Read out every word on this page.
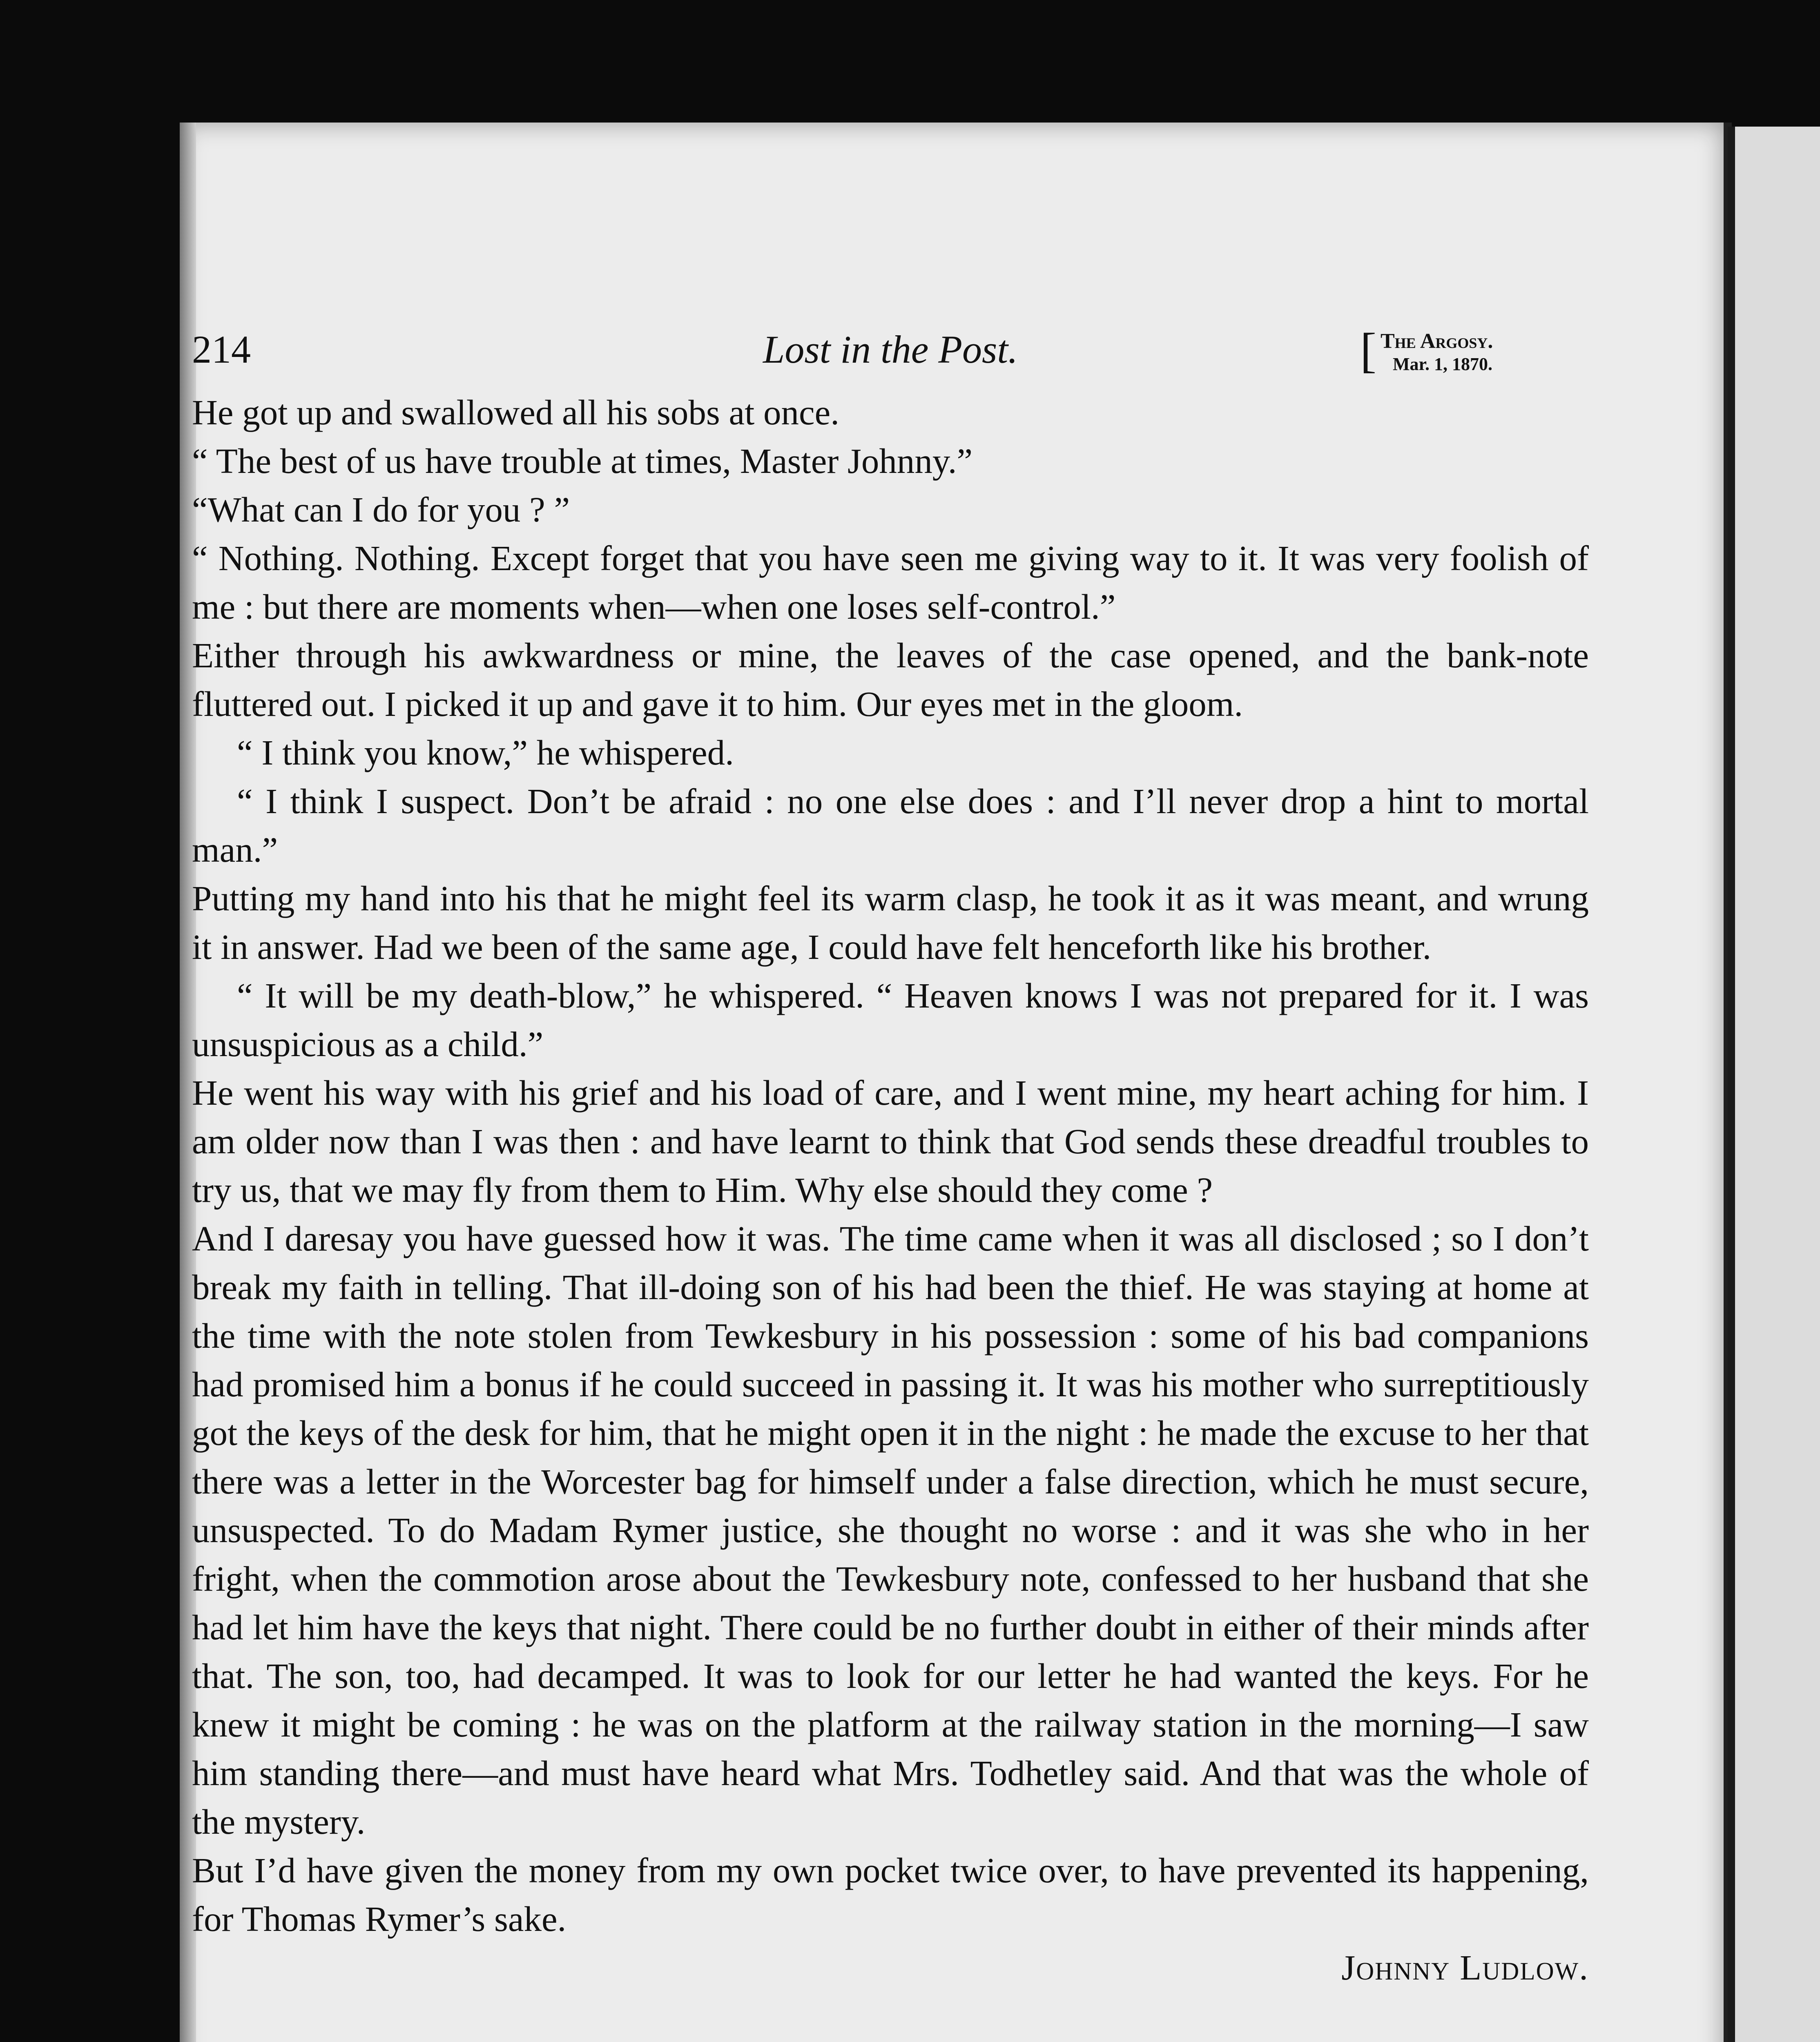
214	Lost in the Post.	[ The Argosy.
Mar. 1, 1870.

He got up and swallowed all his sobs at once.

“ The best of us have trouble at times, Master Johnny.”

“What can I do for you ? ”

“ Nothing. Nothing. Except forget that you have seen me giving way to it. It was very foolish of me : but there are moments when—when one loses self-control.”

Either through his awkwardness or mine, the leaves of the case opened, and the bank-note fluttered out. I picked it up and gave it to him. Our eyes met in the gloom.

“ I think you know,” he whispered.

“ I think I suspect. Don’t be afraid : no one else does : and I’ll never drop a hint to mortal man.”

Putting my hand into his that he might feel its warm clasp, he took it as it was meant, and wrung it in answer. Had we been of the same age, I could have felt henceforth like his brother.

“ It will be my death-blow,” he whispered. “ Heaven knows I was not prepared for it. I was unsuspicious as a child.”

He went his way with his grief and his load of care, and I went mine, my heart aching for him. I am older now than I was then : and have learnt to think that God sends these dreadful troubles to try us, that we may fly from them to Him. Why else should they come ?

And I daresay you have guessed how it was. The time came when it was all disclosed ; so I don’t break my faith in telling. That ill-doing son of his had been the thief. He was staying at home at the time with the note stolen from Tewkesbury in his possession : some of his bad companions had promised him a bonus if he could succeed in passing it. It was his mother who surreptitiously got the keys of the desk for him, that he might open it in the night : he made the excuse to her that there was a letter in the Worcester bag for himself under a false direction, which he must secure, unsuspected. To do Madam Rymer justice, she thought no worse : and it was she who in her fright, when the commotion arose about the Tewkesbury note, confessed to her husband that she had let him have the keys that night. There could be no further doubt in either of their minds after that. The son, too, had decamped. It was to look for our letter he had wanted the keys. For he knew it might be coming : he was on the platform at the railway station in the morning—I saw him standing there—and must have heard what Mrs. Todhetley said. And that was the whole of the mystery.

But I’d have given the money from my own pocket twice over, to have prevented its happening, for Thomas Rymer’s sake.

Johnny Ludlow.
